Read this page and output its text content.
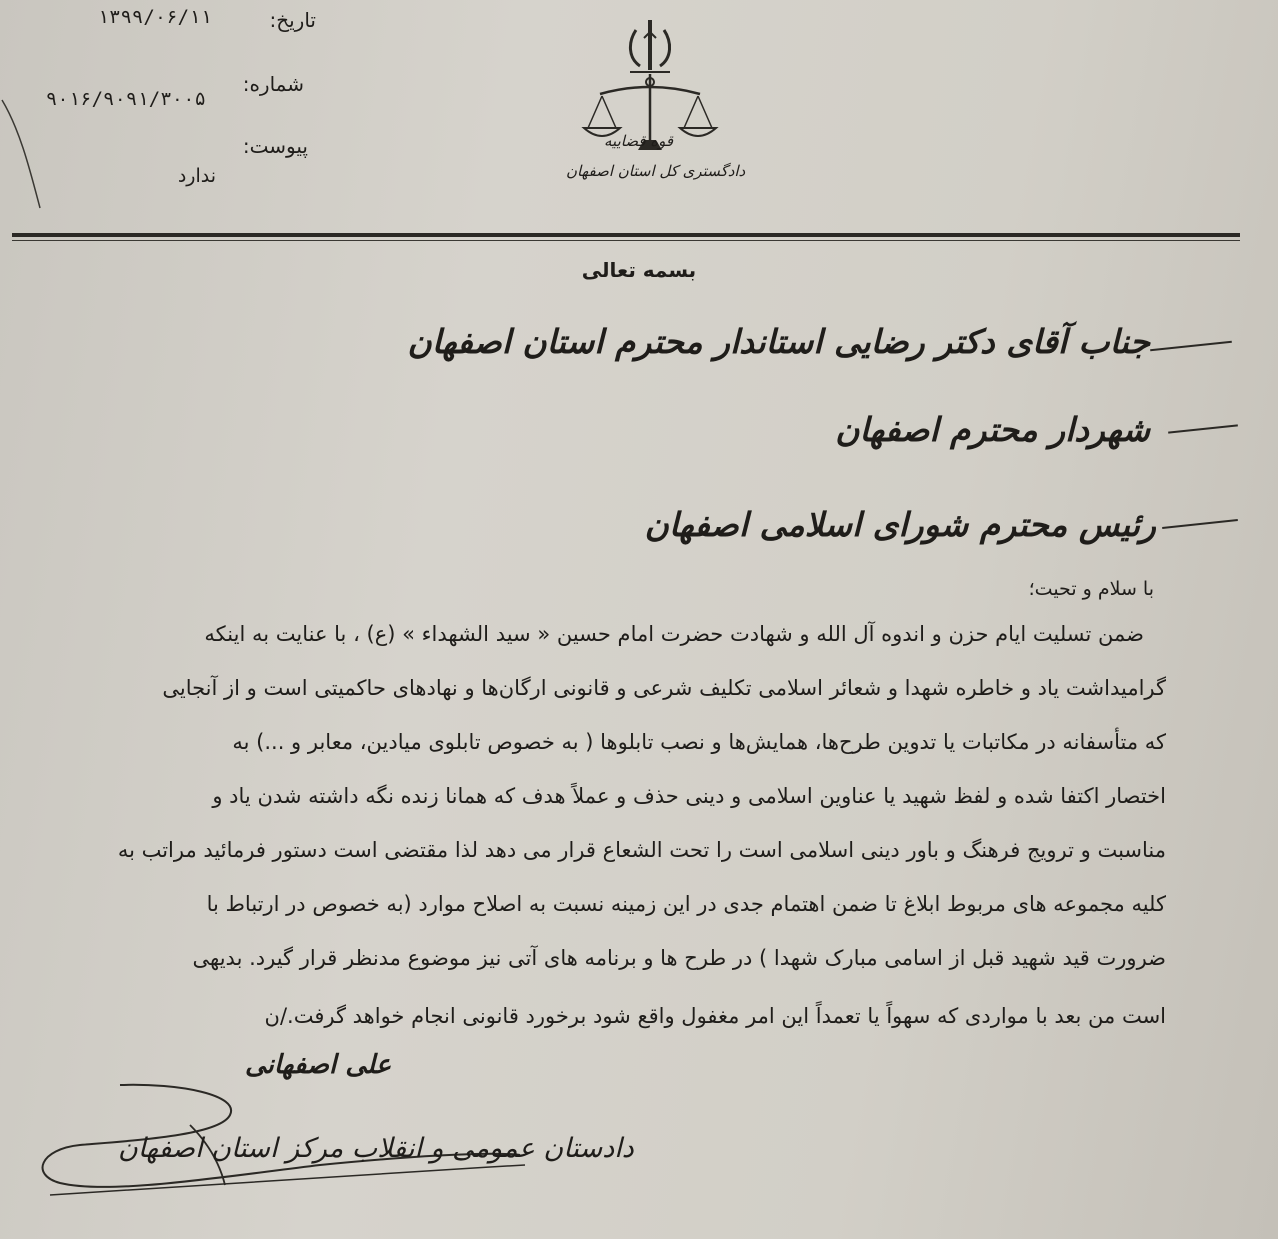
تاریخ:
۱۳۹۹/۰۶/۱۱
شماره:
۹۰۱۶/۹۰۹۱/۳۰۰۵
پیوست:
ندارد
قوه قضاییه
دادگستری کل استان اصفهان
بسمه تعالی
جناب آقای دکتر رضایی استاندار محترم استان اصفهان
شهردار محترم اصفهان
رئیس محترم شورای اسلامی اصفهان
با سلام و تحیت؛
ضمن تسلیت ایام حزن و اندوه آل الله و شهادت حضرت امام حسین « سید الشهداء » (ع) ، با عنایت به اینکه
گرامیداشت یاد و خاطره شهدا و شعائر اسلامی تکلیف شرعی و قانونی ارگان‌ها و نهادهای حاکمیتی است و از آنجایی
که متأسفانه در مکاتبات یا تدوین طرح‌ها، همایش‌ها و نصب تابلوها ( به خصوص تابلوی میادین، معابر و ...) به
اختصار اکتفا شده و لفظ شهید یا عناوین اسلامی و دینی حذف و عملاً هدف که همانا زنده نگه داشته شدن یاد و
مناسبت و ترویج فرهنگ و باور دینی اسلامی است را تحت الشعاع قرار می دهد لذا مقتضی است دستور فرمائید مراتب به
کلیه مجموعه های مربوط ابلاغ تا ضمن اهتمام جدی در این زمینه نسبت به اصلاح موارد (به خصوص در ارتباط با
ضرورت قید شهید قبل از اسامی مبارک شهدا ) در طرح ها و برنامه های آتی نیز موضوع مدنظر قرار گیرد. بدیهی
است من بعد با مواردی که سهواً یا تعمداً این امر مغفول واقع شود برخورد قانونی انجام خواهد گرفت./ن
علی اصفهانی
دادستان عمومی و انقلاب مرکز استان اصفهان
